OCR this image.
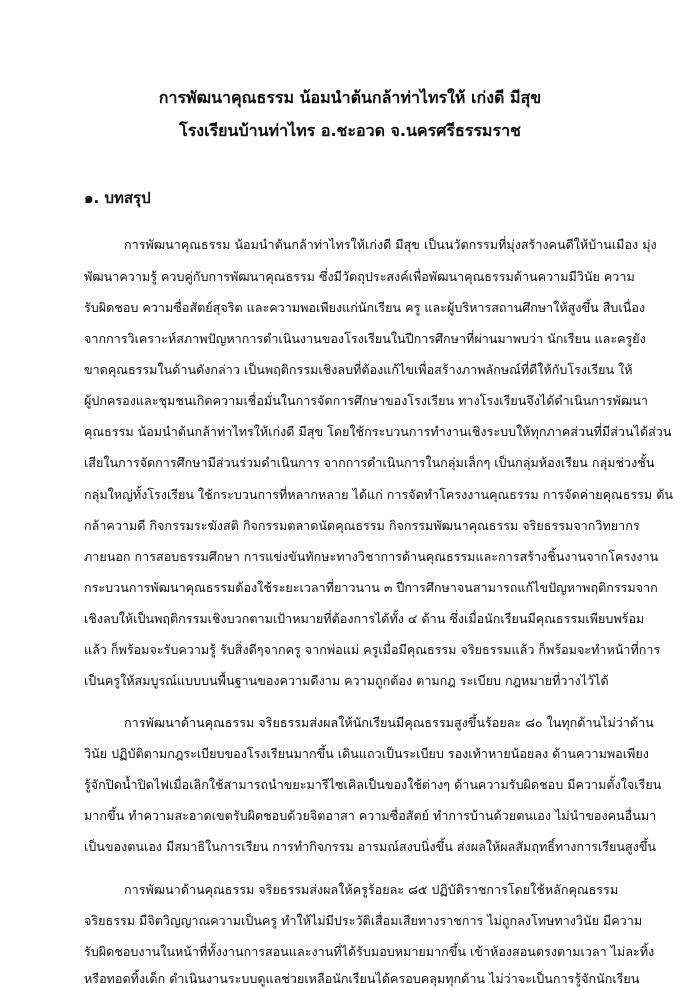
การพัฒนาคุณธรรม น้อมนำต้นกล้าท่าไทรให้ เก่งดี มีสุข
โรงเรียนบ้านท่าไทร อ.ชะอวด จ.นครศรีธรรมราช
๑. บทสรุป
การพัฒนาคุณธรรม น้อมนำต้นกล้าท่าไทรให้เก่งดี มีสุข เป็นนวัตกรรมที่มุ่งสร้างคนดีให้บ้านเมือง มุ่ง
พัฒนาความรู้ ควบคู่กับการพัฒนาคุณธรรม ซึ่งมีวัตถุประสงค์เพื่อพัฒนาคุณธรรมด้านความมีวินัย ความ
รับผิดชอบ ความซื่อสัตย์สุจริต และความพอเพียงแก่นักเรียน ครู และผู้บริหารสถานศึกษาให้สูงขึ้น สืบเนื่อง
จากการวิเคราะห์สภาพปัญหาการดำเนินงานของโรงเรียนในปีการศึกษาที่ผ่านมาพบว่า นักเรียน และครูยัง
ขาดคุณธรรมในด้านดังกล่าว เป็นพฤติกรรมเชิงลบที่ต้องแก้ไขเพื่อสร้างภาพลักษณ์ที่ดีให้กับโรงเรียน ให้
ผู้ปกครองและชุมชนเกิดความเชื่อมั่นในการจัดการศึกษาของโรงเรียน ทางโรงเรียนจึงได้ดำเนินการพัฒนา
คุณธรรม น้อมนำต้นกล้าท่าไทรให้เก่งดี มีสุข โดยใช้กระบวนการทำงานเชิงระบบให้ทุกภาคส่วนที่มีส่วนได้ส่วน
เสียในการจัดการศึกษามีส่วนร่วมดำเนินการ จากการดำเนินการในกลุ่มเล็กๆ เป็นกลุ่มห้องเรียน กลุ่มช่วงชั้น
กลุ่มใหญ่ทั้งโรงเรียน ใช้กระบวนการที่หลากหลาย ได้แก่ การจัดทำโครงงานคุณธรรม การจัดค่ายคุณธรรม ต้น
กล้าความดี กิจกรรมระฆังสติ กิจกรรมตลาดนัดคุณธรรม กิจกรรมพัฒนาคุณธรรม จริยธรรมจากวิทยากร
ภายนอก การสอบธรรมศึกษา การแข่งขันทักษะทางวิชาการด้านคุณธรรมและการสร้างชิ้นงานจากโครงงาน
กระบวนการพัฒนาคุณธรรมต้องใช้ระยะเวลาที่ยาวนาน ๓ ปีการศึกษาจนสามารถแก้ไขปัญหาพฤติกรรมจาก
เชิงลบให้เป็นพฤติกรรมเชิงบวกตามเป้าหมายที่ต้องการได้ทั้ง ๔ ด้าน ซึ่งเมื่อนักเรียนมีคุณธรรมเพียบพร้อม
แล้ว ก็พร้อมจะรับความรู้ รับสิ่งดีๆจากครู จากพ่อแม่ ครูเมื่อมีคุณธรรม จริยธรรมแล้ว ก็พร้อมจะทำหน้าที่การ
เป็นครูให้สมบูรณ์แบบบนพื้นฐานของความดีงาม ความถูกต้อง ตามกฎ ระเบียบ กฎหมายที่วางไว้ได้
การพัฒนาด้านคุณธรรม จริยธรรมส่งผลให้นักเรียนมีคุณธรรมสูงขึ้นร้อยละ ๘๐ ในทุกด้านไม่ว่าด้าน
วินัย ปฏิบัติตามกฎระเบียบของโรงเรียนมากขึ้น เดินแถวเป็นระเบียบ รองเท้าหายน้อยลง ด้านความพอเพียง
รู้จักปิดน้ำปิดไฟเมื่อเลิกใช้สามารถนำขยะมารีไซเคิลเป็นของใช้ต่างๆ ด้านความรับผิดชอบ มีความตั้งใจเรียน
มากขึ้น ทำความสะอาดเขตรับผิดชอบด้วยจิตอาสา ความซื่อสัตย์ ทำการบ้านด้วยตนเอง ไม่นำของคนอื่นมา
เป็นของตนเอง มีสมาธิในการเรียน การทำกิจกรรม อารมณ์สงบนิ่งขึ้น ส่งผลให้ผลสัมฤทธิ์ทางการเรียนสูงขึ้น
การพัฒนาด้านคุณธรรม จริยธรรมส่งผลให้ครูร้อยละ ๘๕ ปฏิบัติราชการโดยใช้หลักคุณธรรม
จริยธรรม มีจิตวิญญาณความเป็นครู ทำให้ไม่มีประวัติเสื่อมเสียทางราชการ ไม่ถูกลงโทษทางวินัย มีความ
รับผิดชอบงานในหน้าที่ทั้งงานการสอนและงานที่ได้รับมอบหมายมากขึ้น เข้าห้องสอนตรงตามเวลา ไม่ละทิ้ง
หรือทอดทิ้งเด็ก ดำเนินงานระบบดูแลช่วยเหลือนักเรียนได้ครอบคลุมทุกด้าน ไม่ว่าจะเป็นการรู้จักนักเรียน
